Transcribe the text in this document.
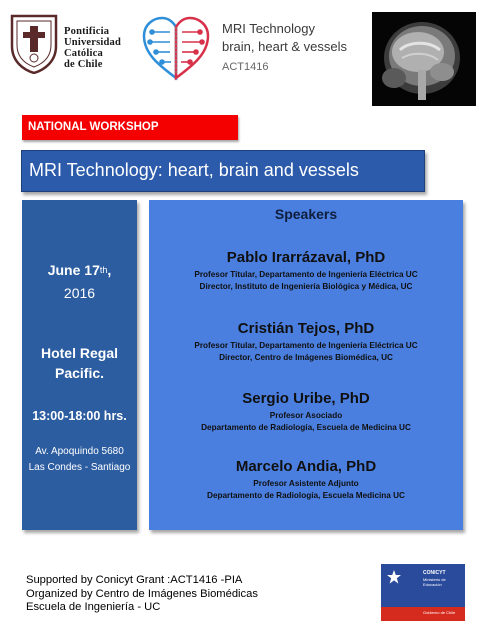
Pontificia
Universidad
Católica
de Chile
MRI Technology
brain, heart & vessels
ACT1416
NATIONAL WORKSHOP
MRI Technology: heart, brain and vessels
June 17th,
2016
Hotel Regal
Pacific.
13:00-18:00 hrs.
Av. Apoquindo 5680
Las Condes - Santiago
Speakers
Pablo Irarrázaval, PhD
Profesor Titular, Departamento de Ingeniería Eléctrica UC
Director, Instituto de Ingeniería Biológica y Médica, UC
Cristián Tejos, PhD
Profesor Titular, Departamento de Ingeniería Eléctrica UC
Director, Centro de Imágenes Biomédica, UC
Sergio Uribe, PhD
Profesor Asociado
Departamento de Radiología, Escuela de Medicina UC
Marcelo Andia, PhD
Profesor Asistente Adjunto
Departamento de Radiología, Escuela Medicina UC
Supported by Conicyt Grant :ACT1416 -PIA
Organized by Centro de Imágenes Biomédicas
Escuela de Ingeniería - UC
CONICYT
Ministerio de
Educación
Gobierno de Chile
